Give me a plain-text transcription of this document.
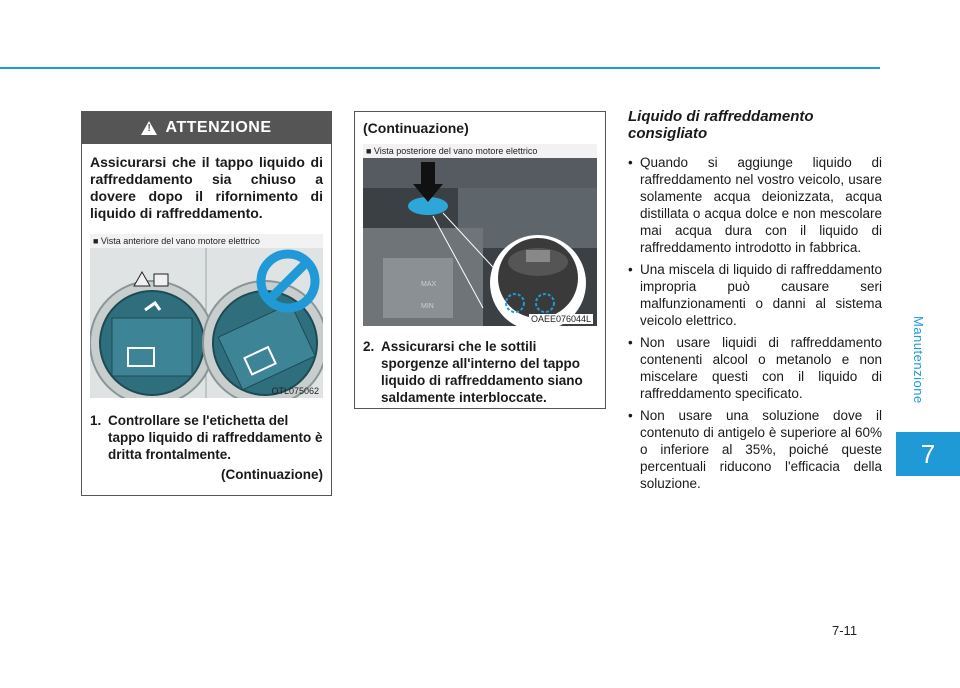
Manutenzione
7
!
ATTENZIONE
Assicurarsi che il tappo liquido di raffreddamento sia chiuso a dovere dopo il rifornimento di liquido di raffreddamento.
■ Vista anteriore del vano motore elettrico
OTL075062
1. Controllare se l'etichetta del tappo liquido di raffreddamento è dritta frontalmente.
(Continuazione)
(Continuazione)
■ Vista posteriore del vano motore elettrico
MAX
MIN
OAEE076044L
2. Assicurarsi che le sottili sporgenze all'interno del tappo liquido di raffreddamento siano saldamente interbloccate.
Liquido di raffreddamento consigliato
• Quando si aggiunge liquido di raffreddamento nel vostro veicolo, usare solamente acqua deionizzata, acqua distillata o acqua dolce e non mescolare mai acqua dura con il liquido di raffreddamento introdotto in fabbrica.
• Una miscela di liquido di raffreddamento impropria può causare seri malfunzionamenti o danni al sistema veicolo elettrico.
• Non usare liquidi di raffreddamento contenenti alcool o metanolo e non miscelare questi con il liquido di raffreddamento specificato.
• Non usare una soluzione dove il contenuto di antigelo è superiore al 60% o inferiore al 35%, poiché queste percentuali riducono l'efficacia della soluzione.
7-11
